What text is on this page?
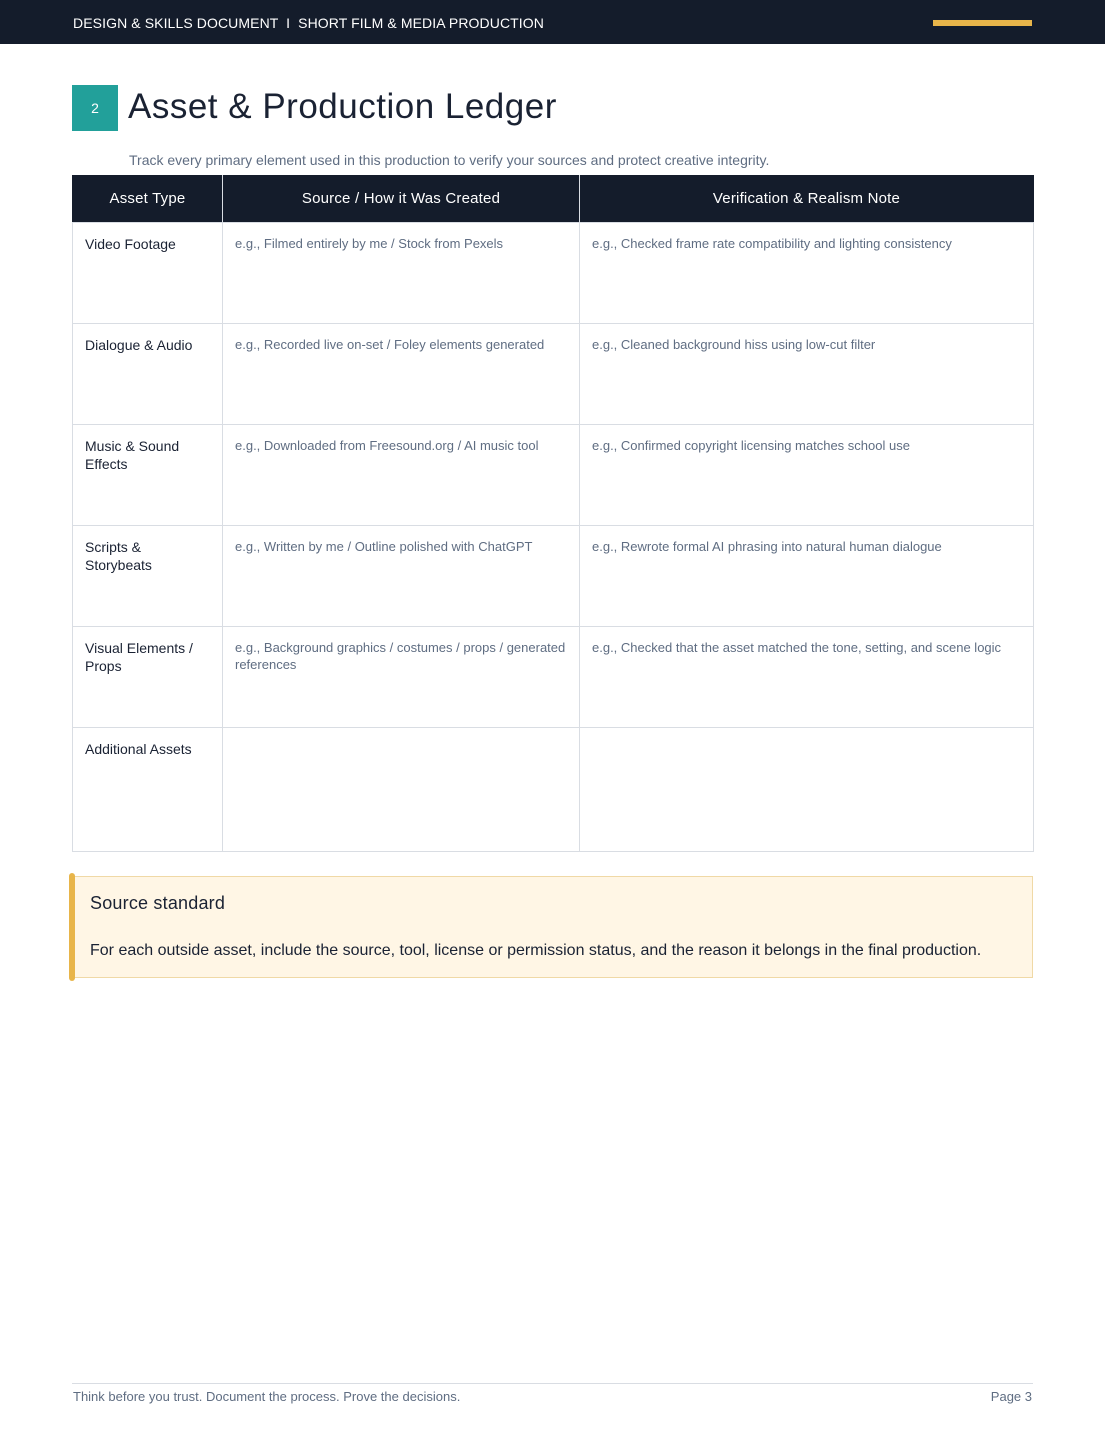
DESIGN & SKILLS DOCUMENT  I  SHORT FILM & MEDIA PRODUCTION
2 Asset & Production Ledger
Track every primary element used in this production to verify your sources and protect creative integrity.
Asset Type	Source / How it Was Created	Verification & Realism Note
Video Footage	e.g., Filmed entirely by me / Stock from Pexels	e.g., Checked frame rate compatibility and lighting consistency
Dialogue & Audio	e.g., Recorded live on-set / Foley elements generated	e.g., Cleaned background hiss using low-cut filter
Music & Sound Effects	e.g., Downloaded from Freesound.org / AI music tool	e.g., Confirmed copyright licensing matches school use
Scripts & Storybeats	e.g., Written by me / Outline polished with ChatGPT	e.g., Rewrote formal AI phrasing into natural human dialogue
Visual Elements / Props	e.g., Background graphics / costumes / props / generated references	e.g., Checked that the asset matched the tone, setting, and scene logic
Additional Assets		
Source standard
For each outside asset, include the source, tool, license or permission status, and the reason it belongs in the final production.
Think before you trust. Document the process. Prove the decisions.	Page 3
